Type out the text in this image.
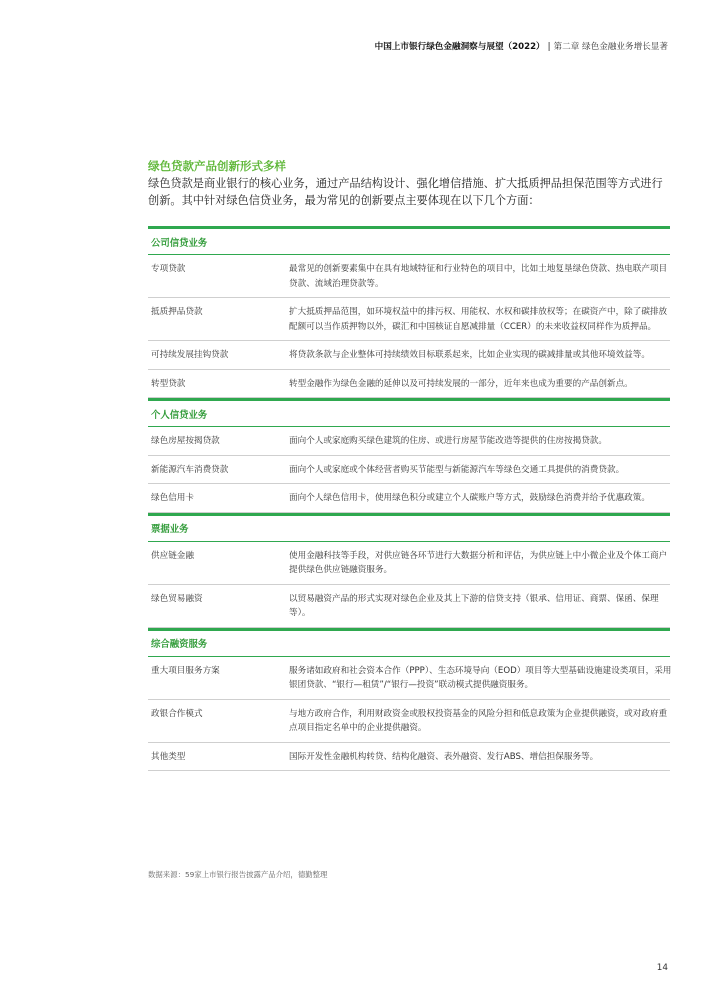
中国上市银行绿色金融洞察与展望（2022） | 第二章 绿色金融业务增长显著
绿色贷款产品创新形式多样

绿色贷款是商业银行的核心业务，通过产品结构设计、强化增信措施、扩大抵质押品担保范围等方式进行创新。其中针对绿色信贷业务，最为常见的创新要点主要体现在以下几个方面：

公司信贷业务
专项贷款	最常见的创新要素集中在具有地域特征和行业特色的项目中，比如土地复垦绿色贷款、热电联产项目贷款、流域治理贷款等。
抵质押品贷款	扩大抵质押品范围，如环境权益中的排污权、用能权、水权和碳排放权等；在碳资产中，除了碳排放配额可以当作质押物以外，碳汇和中国核证自愿减排量（CCER）的未来收益权同样作为质押品。
可持续发展挂钩贷款	将贷款条款与企业整体可持续绩效目标联系起来，比如企业实现的碳减排量或其他环境效益等。
转型贷款	转型金融作为绿色金融的延伸以及可持续发展的一部分，近年来也成为重要的产品创新点。
个人信贷业务
绿色房屋按揭贷款	面向个人或家庭购买绿色建筑的住房、或进行房屋节能改造等提供的住房按揭贷款。
新能源汽车消费贷款	面向个人或家庭或个体经营者购买节能型与新能源汽车等绿色交通工具提供的消费贷款。
绿色信用卡	面向个人绿色信用卡，使用绿色积分或建立个人碳账户等方式，鼓励绿色消费并给予优惠政策。
票据业务
供应链金融	使用金融科技等手段，对供应链各环节进行大数据分析和评估，为供应链上中小微企业及个体工商户提供绿色供应链融资服务。
绿色贸易融资	以贸易融资产品的形式实现对绿色企业及其上下游的信贷支持（银承、信用证、商票、保函、保理等）。
综合融资服务
重大项目服务方案	服务诸如政府和社会资本合作（PPP）、生态环境导向（EOD）项目等大型基础设施建设类项目，采用银团贷款、“银行—租赁”/“银行—投资”联动模式提供融资服务。
政银合作模式	与地方政府合作，利用财政资金或股权投资基金的风险分担和低息政策为企业提供融资，或对政府重点项目指定名单中的企业提供融资。
其他类型	国际开发性金融机构转贷、结构化融资、表外融资、发行ABS、增信担保服务等。
数据来源：59家上市银行报告披露产品介绍，德勤整理
14
